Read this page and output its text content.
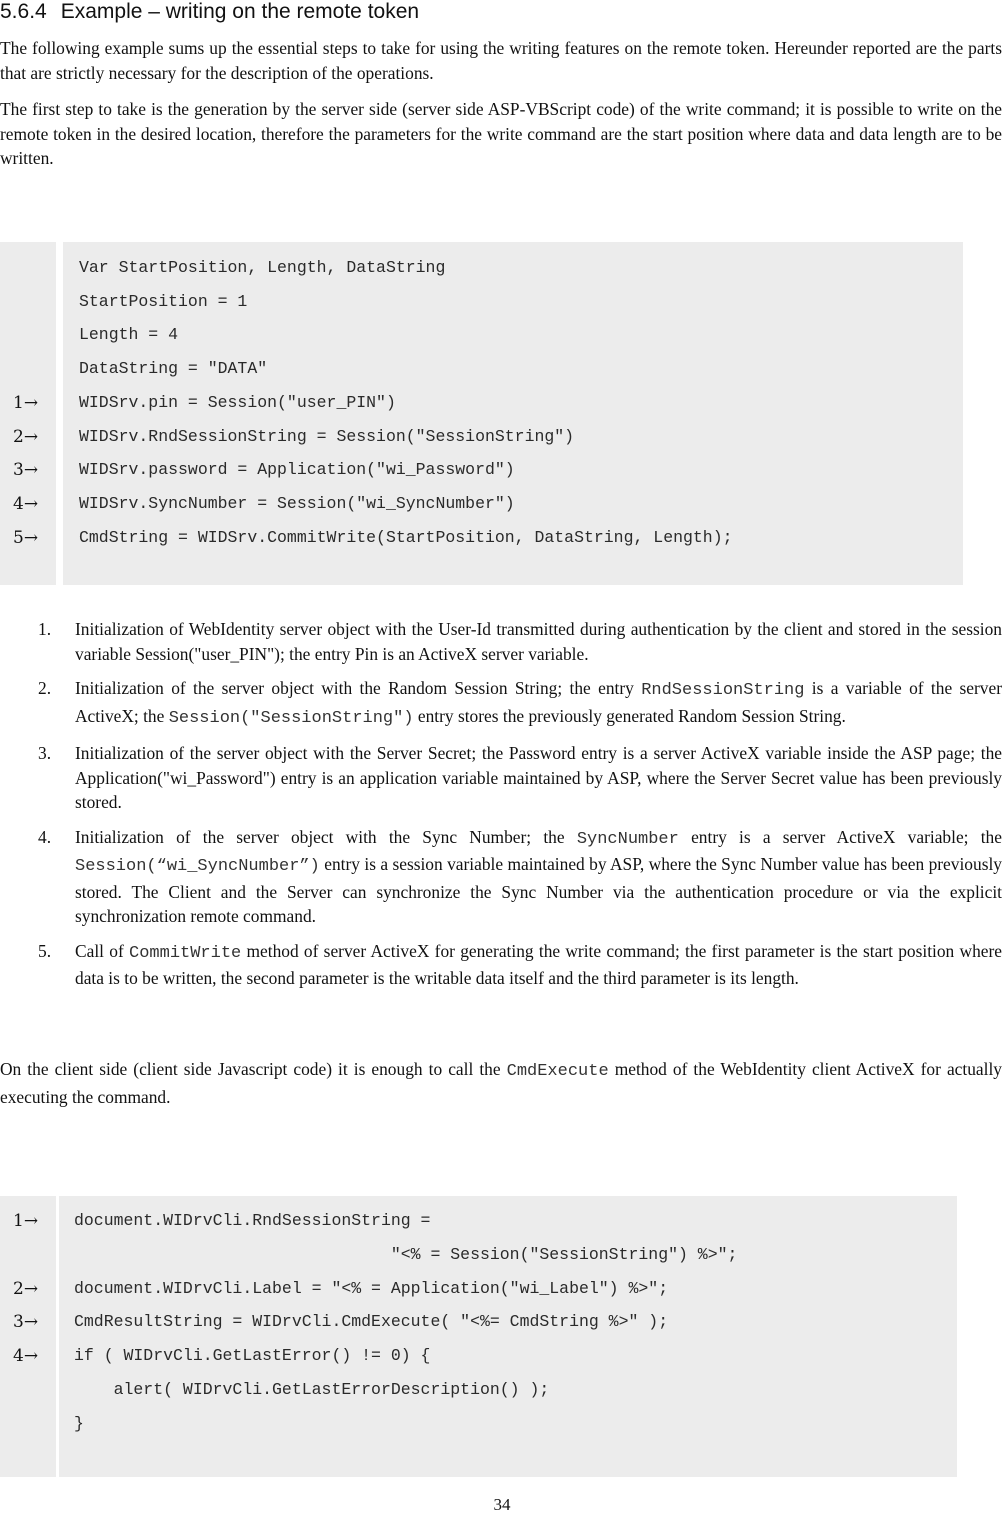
5.6.4 Example – writing on the remote token

The following example sums up the essential steps to take for using the writing features on the remote token. Hereunder reported are the parts that are strictly necessary for the description of the operations.

The first step to take is the generation by the server side (server side ASP-VBScript code) of the write command; it is possible to write on the remote token in the desired location, therefore the parameters for the write command are the start position where data and data length are to be written.

Var StartPosition, Length, DataString
StartPosition = 1
Length = 4
DataString = "DATA"
1→ WIDSrv.pin = Session("user_PIN")
2→ WIDSrv.RndSessionString = Session("SessionString")
3→ WIDSrv.password = Application("wi_Password")
4→ WIDSrv.SyncNumber = Session("wi_SyncNumber")
5→ CmdString = WIDSrv.CommitWrite(StartPosition, DataString, Length);
1. Initialization of WebIdentity server object with the User-Id transmitted during authentication by the client and stored in the session variable Session("user_PIN"); the entry Pin is an ActiveX server variable.
2. Initialization of the server object with the Random Session String; the entry RndSessionString is a variable of the server ActiveX; the Session("SessionString") entry stores the previously generated Random Session String.
3. Initialization of the server object with the Server Secret; the Password entry is a server ActiveX variable inside the ASP page; the Application("wi_Password") entry is an application variable maintained by ASP, where the Server Secret value has been previously stored.
4. Initialization of the server object with the Sync Number; the SyncNumber entry is a server ActiveX variable; the Session(“wi_SyncNumber”) entry is a session variable maintained by ASP, where the Sync Number value has been previously stored. The Client and the Server can synchronize the Sync Number via the authentication procedure or via the explicit synchronization remote command.
5. Call of CommitWrite method of server ActiveX for generating the write command; the first parameter is the start position where data is to be written, the second parameter is the writable data itself and the third parameter is its length.

On the client side (client side Javascript code) it is enough to call the CmdExecute method of the WebIdentity client ActiveX for actually executing the command.

1→ document.WIDrvCli.RndSessionString =
"<% = Session("SessionString") %>";
2→ document.WIDrvCli.Label = "<% = Application("wi_Label") %>";
3→ CmdResultString = WIDrvCli.CmdExecute( "<%= CmdString %>" );
4→ if ( WIDrvCli.GetLastError() != 0) {
alert( WIDrvCli.GetLastErrorDescription() );
}
34
